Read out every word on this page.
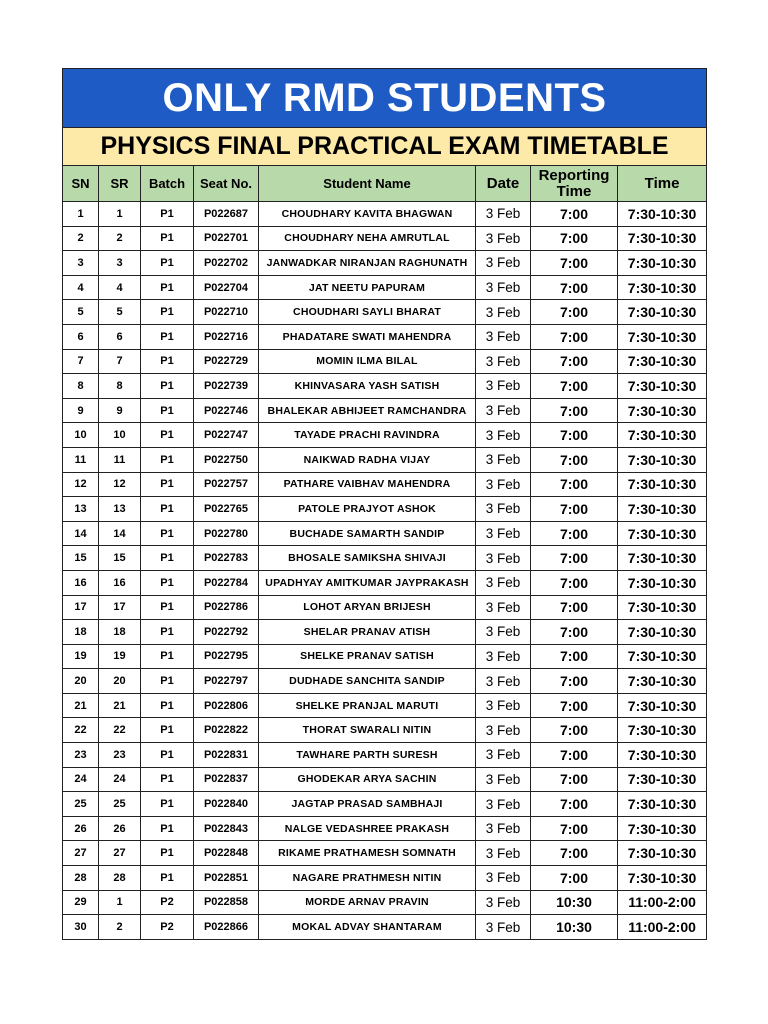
ONLY RMD STUDENTS							
PHYSICS FINAL PRACTICAL EXAM TIMETABLE							
SN	SR	Batch	Seat No.	Student Name	Date	Reporting Time	Time
1	1	P1	P022687	CHOUDHARY KAVITA BHAGWAN	3 Feb	7:00	7:30-10:30
2	2	P1	P022701	CHOUDHARY NEHA AMRUTLAL	3 Feb	7:00	7:30-10:30
3	3	P1	P022702	JANWADKAR NIRANJAN RAGHUNATH	3 Feb	7:00	7:30-10:30
4	4	P1	P022704	JAT NEETU PAPURAM	3 Feb	7:00	7:30-10:30
5	5	P1	P022710	CHOUDHARI SAYLI BHARAT	3 Feb	7:00	7:30-10:30
6	6	P1	P022716	PHADATARE SWATI MAHENDRA	3 Feb	7:00	7:30-10:30
7	7	P1	P022729	MOMIN ILMA BILAL	3 Feb	7:00	7:30-10:30
8	8	P1	P022739	KHINVASARA YASH SATISH	3 Feb	7:00	7:30-10:30
9	9	P1	P022746	BHALEKAR ABHIJEET RAMCHANDRA	3 Feb	7:00	7:30-10:30
10	10	P1	P022747	TAYADE PRACHI RAVINDRA	3 Feb	7:00	7:30-10:30
11	11	P1	P022750	NAIKWAD RADHA VIJAY	3 Feb	7:00	7:30-10:30
12	12	P1	P022757	PATHARE VAIBHAV MAHENDRA	3 Feb	7:00	7:30-10:30
13	13	P1	P022765	PATOLE PRAJYOT ASHOK	3 Feb	7:00	7:30-10:30
14	14	P1	P022780	BUCHADE SAMARTH SANDIP	3 Feb	7:00	7:30-10:30
15	15	P1	P022783	BHOSALE SAMIKSHA SHIVAJI	3 Feb	7:00	7:30-10:30
16	16	P1	P022784	UPADHYAY AMITKUMAR JAYPRAKASH	3 Feb	7:00	7:30-10:30
17	17	P1	P022786	LOHOT ARYAN BRIJESH	3 Feb	7:00	7:30-10:30
18	18	P1	P022792	SHELAR PRANAV ATISH	3 Feb	7:00	7:30-10:30
19	19	P1	P022795	SHELKE PRANAV SATISH	3 Feb	7:00	7:30-10:30
20	20	P1	P022797	DUDHADE SANCHITA SANDIP	3 Feb	7:00	7:30-10:30
21	21	P1	P022806	SHELKE PRANJAL MARUTI	3 Feb	7:00	7:30-10:30
22	22	P1	P022822	THORAT SWARALI NITIN	3 Feb	7:00	7:30-10:30
23	23	P1	P022831	TAWHARE PARTH SURESH	3 Feb	7:00	7:30-10:30
24	24	P1	P022837	GHODEKAR ARYA SACHIN	3 Feb	7:00	7:30-10:30
25	25	P1	P022840	JAGTAP PRASAD SAMBHAJI	3 Feb	7:00	7:30-10:30
26	26	P1	P022843	NALGE VEDASHREE PRAKASH	3 Feb	7:00	7:30-10:30
27	27	P1	P022848	RIKAME PRATHAMESH SOMNATH	3 Feb	7:00	7:30-10:30
28	28	P1	P022851	NAGARE PRATHMESH NITIN	3 Feb	7:00	7:30-10:30
29	1	P2	P022858	MORDE ARNAV PRAVIN	3 Feb	10:30	11:00-2:00
30	2	P2	P022866	MOKAL ADVAY SHANTARAM	3 Feb	10:30	11:00-2:00
